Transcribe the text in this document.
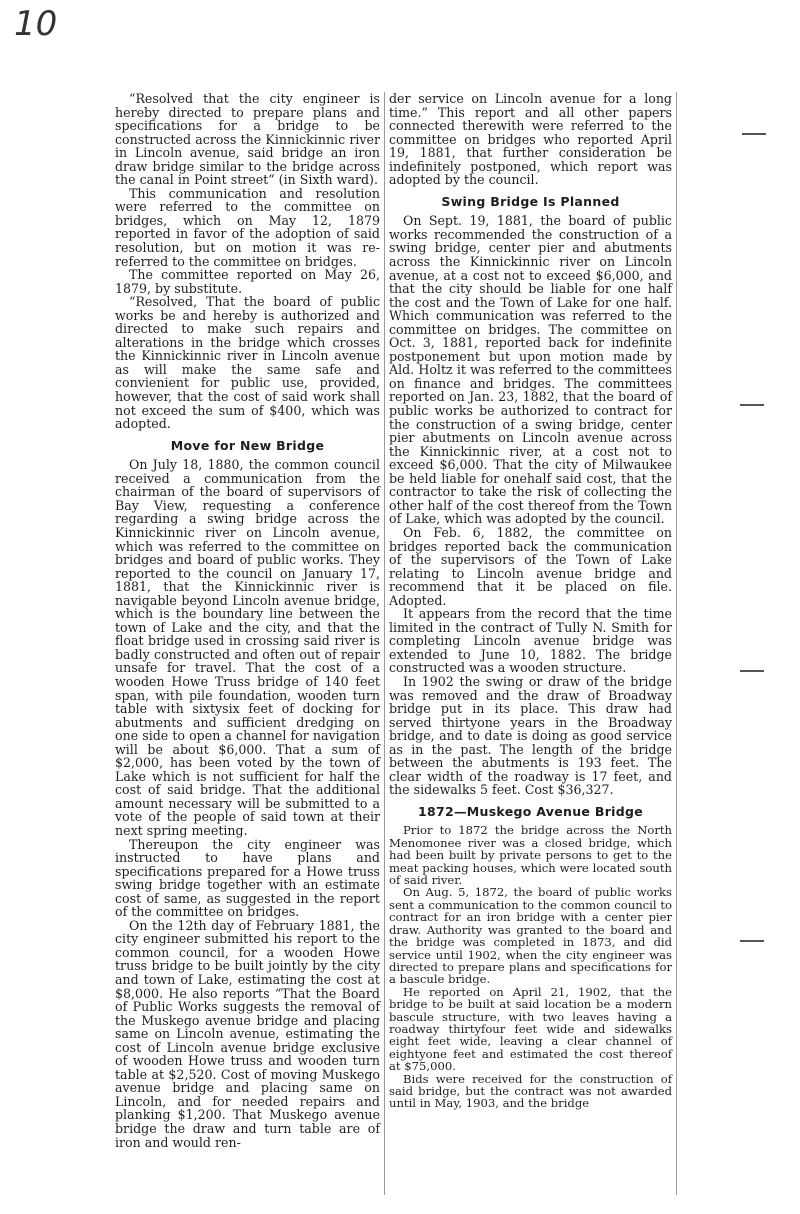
10

“Resolved that the city engineer is hereby directed to prepare plans and specifications for a bridge to be constructed across the Kinnickinnic river in Lincoln avenue, said bridge an iron draw bridge similar to the bridge across the canal in Point street” (in Sixth ward).

This communication and resolution were referred to the committee on bridges, which on May 12, 1879 reported in favor of the adoption of said resolution, but on motion it was re-referred to the committee on bridges.

The committee reported on May 26, 1879, by substitute.

“Resolved, That the board of public works be and hereby is authorized and directed to make such repairs and alterations in the bridge which crosses the Kinnickinnic river in Lincoln avenue as will make the same safe and convienient for public use, provided, however, that the cost of said work shall not exceed the sum of $400, which was adopted.

Move for New Bridge

On July 18, 1880, the common council received a communication from the chairman of the board of supervisors of Bay View, requesting a conference regarding a swing bridge across the Kinnickinnic river on Lincoln avenue, which was referred to the committee on bridges and board of public works. They reported to the council on January 17, 1881, that the Kinnickinnic river is navigable beyond Lincoln avenue bridge, which is the boundary line between the town of Lake and the city, and that the float bridge used in crossing said river is badly constructed and often out of repair unsafe for travel. That the cost of a wooden Howe Truss bridge of 140 feet span, with pile foundation, wooden turn table with sixtysix feet of docking for abutments and sufficient dredging on one side to open a channel for navigation will be about $6,000. That a sum of $2,000, has been voted by the town of Lake which is not sufficient for half the cost of said bridge. That the additional amount necessary will be submitted to a vote of the people of said town at their next spring meeting.

Thereupon the city engineer was instructed to have plans and specifications prepared for a Howe truss swing bridge together with an estimate cost of same, as suggested in the report of the committee on bridges.

On the 12th day of February 1881, the city engineer submitted his report to the common council, for a wooden Howe truss bridge to be built jointly by the city and town of Lake, estimating the cost at $8,000. He also reports “That the Board of Public Works suggests the removal of the Muskego avenue bridge and placing same on Lincoln avenue, estimating the cost of Lincoln avenue bridge exclusive of wooden Howe truss and wooden turn table at $2,520. Cost of moving Muskego avenue bridge and placing same on Lincoln, and for needed repairs and planking $1,200. That Muskego avenue bridge the draw and turn table are of iron and would ren-

der service on Lincoln avenue for a long time.” This report and all other papers connected therewith were referred to the committee on bridges who reported April 19, 1881, that further consideration be indefinitely postponed, which report was adopted by the council.

Swing Bridge Is Planned

On Sept. 19, 1881, the board of public works recommended the construction of a swing bridge, center pier and abutments across the Kinnickinnic river on Lincoln avenue, at a cost not to exceed $6,000, and that the city should be liable for one half the cost and the Town of Lake for one half. Which communication was referred to the committee on bridges. The committee on Oct. 3, 1881, reported back for indefinite postponement but upon motion made by Ald. Holtz it was referred to the committees on finance and bridges. The committees reported on Jan. 23, 1882, that the board of public works be authorized to contract for the construction of a swing bridge, center pier abutments on Lincoln avenue across the Kinnickinnic river, at a cost not to exceed $6,000. That the city of Milwaukee be held liable for onehalf said cost, that the contractor to take the risk of collecting the other half of the cost thereof from the Town of Lake, which was adopted by the council.

On Feb. 6, 1882, the committee on bridges reported back the communication of the supervisors of the Town of Lake relating to Lincoln avenue bridge and recommend that it be placed on file. Adopted.

It appears from the record that the time limited in the contract of Tully N. Smith for completing Lincoln avenue bridge was extended to June 10, 1882. The bridge constructed was a wooden structure.

In 1902 the swing or draw of the bridge was removed and the draw of Broadway bridge put in its place. This draw had served thirtyone years in the Broadway bridge, and to date is doing as good service as in the past. The length of the bridge between the abutments is 193 feet. The clear width of the roadway is 17 feet, and the sidewalks 5 feet. Cost $36,327.

1872—Muskego Avenue Bridge

Prior to 1872 the bridge across the North Menomonee river was a closed bridge, which had been built by private persons to get to the meat packing houses, which were located south of said river.

On Aug. 5, 1872, the board of public works sent a communication to the common council to contract for an iron bridge with a center pier draw. Authority was granted to the board and the bridge was completed in 1873, and did service until 1902, when the city engineer was directed to prepare plans and specifications for a bascule bridge.

He reported on April 21, 1902, that the bridge to be built at said location be a modern bascule structure, with two leaves having a roadway thirtyfour feet wide and sidewalks eight feet wide, leaving a clear channel of eightyone feet and estimated the cost thereof at $75,000.

Bids were received for the construction of said bridge, but the contract was not awarded until in May, 1903, and the bridge
